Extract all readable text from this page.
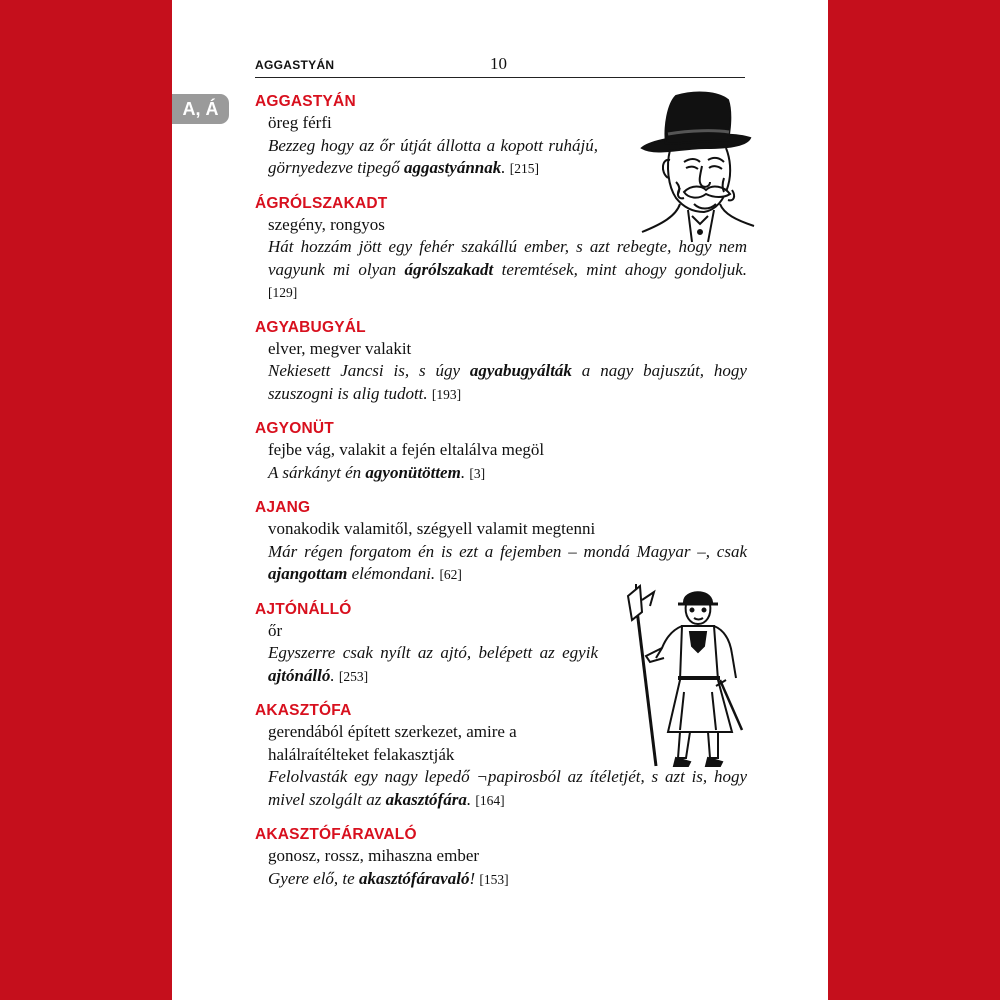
AGGASTYÁN	10
A, Á	AGGASTYÁN
öreg férfi
Bezzeg hogy az őr útját állotta a kopott ruhájú, görnyedezve tipegő aggastyánnak. [215]
ÁGRÓLSZAKADT
szegény, rongyos
Hát hozzám jött egy fehér szakállú ember, s azt rebegte, hogy nem vagyunk mi olyan ágrólszakadt teremtések, mint ahogy gondoljuk. [129]
AGYABUGYÁL
elver, megver valakit
Nekiesett Jancsi is, s úgy agyabugyálták a nagy bajuszút, hogy szuszogni is alig tudott. [193]
AGYONÜT
fejbe vág, valakit a fején eltalálva megöl
A sárkányt én agyonütöttem. [3]
AJANG
vonakodik valamitől, szégyell valamit megtenni
Már régen forgatom én is ezt a fejemben – mondá Magyar –, csak ajangottam elémondani. [62]
AJTÓNÁLLÓ
őr
Egyszerre csak nyílt az ajtó, belépett az egyik ajtónálló. [253]
AKASZTÓFA
gerendából épített szerkezet, amire a halálraítélteket felakasztják
Felolvasták egy nagy lepedő ¬papirosból az ítéletjét, s azt is, hogy mivel szolgált az akasztófára. [164]
AKASZTÓFÁRAVALÓ
gonosz, rossz, mihaszna ember
Gyere elő, te akasztófáravaló! [153]
